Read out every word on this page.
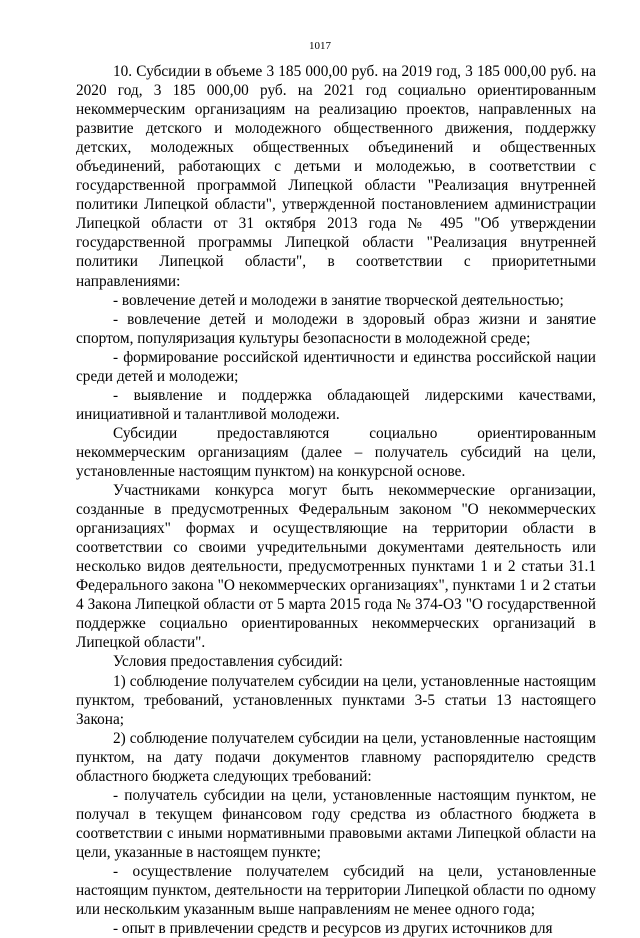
1017

10. Субсидии в объеме 3 185 000,00 руб. на 2019 год, 3 185 000,00 руб. на 2020 год, 3 185 000,00 руб. на 2021 год социально ориентированным некоммерческим организациям на реализацию проектов, направленных на развитие детского и молодежного общественного движения, поддержку детских, молодежных общественных объединений и общественных объединений, работающих с детьми и молодежью, в соответствии с государственной программой Липецкой области "Реализация внутренней политики Липецкой области", утвержденной постановлением администрации Липецкой области от 31 октября 2013 года № 495 "Об утверждении государственной программы Липецкой области "Реализация внутренней политики Липецкой области", в соответствии с приоритетными направлениями:

- вовлечение детей и молодежи в занятие творческой деятельностью;

- вовлечение детей и молодежи в здоровый образ жизни и занятие спортом, популяризация культуры безопасности в молодежной среде;

- формирование российской идентичности и единства российской нации среди детей и молодежи;

- выявление и поддержка обладающей лидерскими качествами, инициативной и талантливой молодежи.

Субсидии предоставляются социально ориентированным некоммерческим организациям (далее – получатель субсидий на цели, установленные настоящим пунктом) на конкурсной основе.

Участниками конкурса могут быть некоммерческие организации, созданные в предусмотренных Федеральным законом "О некоммерческих организациях" формах и осуществляющие на территории области в соответствии со своими учредительными документами деятельность или несколько видов деятельности, предусмотренных пунктами 1 и 2 статьи 31.1 Федерального закона "О некоммерческих организациях", пунктами 1 и 2 статьи 4 Закона Липецкой области от 5 марта 2015 года № 374-ОЗ "О государственной поддержке социально ориентированных некоммерческих организаций в Липецкой области".

Условия предоставления субсидий:

1) соблюдение получателем субсидии на цели, установленные настоящим пунктом, требований, установленных пунктами 3-5 статьи 13 настоящего Закона;

2) соблюдение получателем субсидии на цели, установленные настоящим пунктом, на дату подачи документов главному распорядителю средств областного бюджета следующих требований:

- получатель субсидии на цели, установленные настоящим пунктом, не получал в текущем финансовом году средства из областного бюджета в соответствии с иными нормативными правовыми актами Липецкой области на цели, указанные в настоящем пункте;

- осуществление получателем субсидий на цели, установленные настоящим пунктом, деятельности на территории Липецкой области по одному или нескольким указанным выше направлениям не менее одного года;

- опыт в привлечении средств и ресурсов из других источников для
